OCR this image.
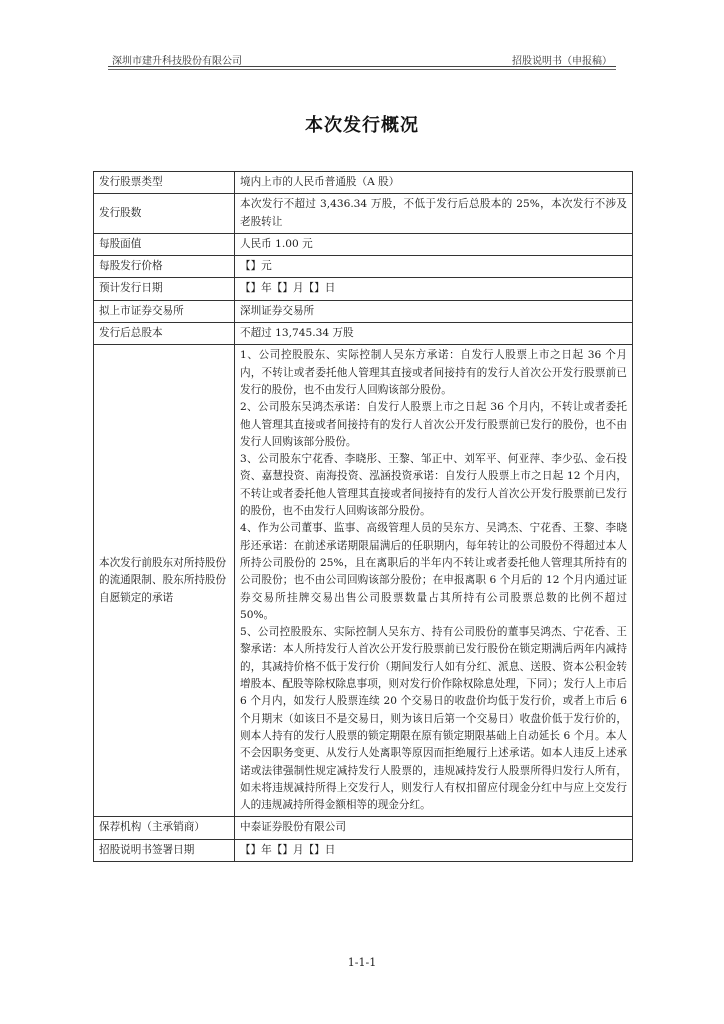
深圳市建升科技股份有限公司	招股说明书（申报稿）
本次发行概况
发行股票类型	境内上市的人民币普通股（A 股）
发行股数	本次发行不超过 3,436.34 万股，不低于发行后总股本的 25%，本次发行不涉及老股转让
每股面值	人民币 1.00 元
每股发行价格	【】元
预计发行日期	【】年【】月【】日
拟上市证券交易所	深圳证券交易所
发行后总股本	不超过 13,745.34 万股
本次发行前股东对所持股份的流通限制、股东所持股份自愿锁定的承诺	1、公司控股股东、实际控制人吴东方承诺：自发行人股票上市之日起 36 个月内，不转让或者委托他人管理其直接或者间接持有的发行人首次公开发行股票前已发行的股份，也不由发行人回购该部分股份。

2、公司股东吴鸿杰承诺：自发行人股票上市之日起 36 个月内，不转让或者委托他人管理其直接或者间接持有的发行人首次公开发行股票前已发行的股份，也不由发行人回购该部分股份。

3、公司股东宁花香、李晓彤、王黎、邹正中、刘军平、何亚萍、李少弘、金石投资、嘉慧投资、南海投资、泓涵投资承诺：自发行人股票上市之日起 12 个月内，不转让或者委托他人管理其直接或者间接持有的发行人首次公开发行股票前已发行的股份，也不由发行人回购该部分股份。

4、作为公司董事、监事、高级管理人员的吴东方、吴鸿杰、宁花香、王黎、李晓彤还承诺：在前述承诺期限届满后的任职期内，每年转让的公司股份不得超过本人所持公司股份的 25%，且在离职后的半年内不转让或者委托他人管理其所持有的公司股份；也不由公司回购该部分股份；在申报离职 6 个月后的 12 个月内通过证券交易所挂牌交易出售公司股票数量占其所持有公司股票总数的比例不超过 50%。

5、公司控股股东、实际控制人吴东方、持有公司股份的董事吴鸿杰、宁花香、王黎承诺：本人所持发行人首次公开发行股票前已发行股份在锁定期满后两年内减持的，其减持价格不低于发行价（期间发行人如有分红、派息、送股、资本公积金转增股本、配股等除权除息事项，则对发行价作除权除息处理，下同）；发行人上市后 6 个月内，如发行人股票连续 20 个交易日的收盘价均低于发行价，或者上市后 6 个月期末（如该日不是交易日，则为该日后第一个交易日）收盘价低于发行价的，则本人持有的发行人股票的锁定期限在原有锁定期限基础上自动延长 6 个月。本人不会因职务变更、从发行人处离职等原因而拒绝履行上述承诺。如本人违反上述承诺或法律强制性规定减持发行人股票的，违规减持发行人股票所得归发行人所有，如未将违规减持所得上交发行人，则发行人有权扣留应付现金分红中与应上交发行人的违规减持所得金额相等的现金分红。

保荐机构（主承销商）	中泰证券股份有限公司
招股说明书签署日期	【】年【】月【】日
1-1-1
